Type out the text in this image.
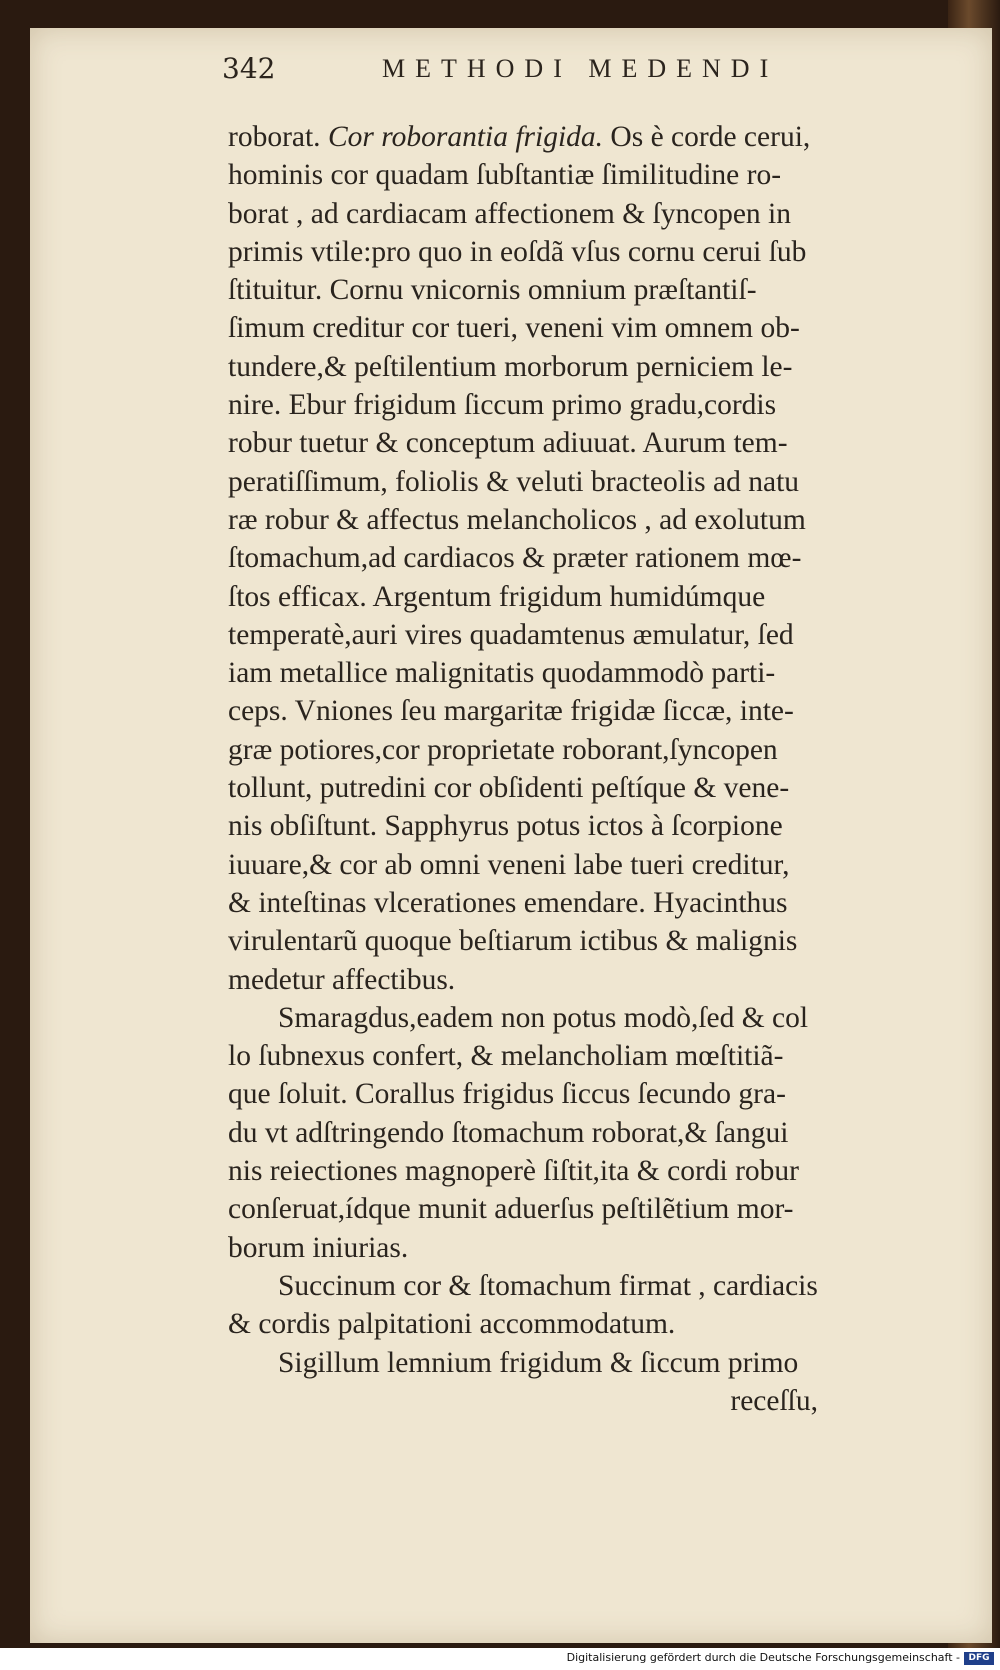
342	METHODI MEDENDI
roborat. Cor roborantia frigida. Os è corde cerui,
hominis cor quadam ſubſtantiæ ſimilitudine ro-
borat , ad cardiacam affectionem & ſyncopen in
primis vtile:pro quo in eoſdã vſus cornu cerui ſub
ſtituitur. Cornu vnicornis omnium præſtantiſ-
ſimum creditur cor tueri, veneni vim omnem ob-
tundere,& peſtilentium morborum perniciem le-
nire. Ebur frigidum ſiccum primo gradu,cordis
robur tuetur & conceptum adiuuat. Aurum tem-
peratiſſimum, foliolis & veluti bracteolis ad natu
ræ robur & affectus melancholicos , ad exolutum
ſtomachum,ad cardiacos & præter rationem mœ-
ſtos efficax. Argentum frigidum humidúmque
temperatè,auri vires quadamtenus æmulatur, ſed
iam metallice malignitatis quodammodò parti-
ceps. Vniones ſeu margaritæ frigidæ ſiccæ, inte-
græ potiores,cor proprietate roborant,ſyncopen
tollunt, putredini cor obſidenti peſtíque & vene-
nis obſiſtunt. Sapphyrus potus ictos à ſcorpione
iuuare,& cor ab omni veneni labe tueri creditur,
& inteſtinas vlcerationes emendare. Hyacinthus
virulentarũ quoque beſtiarum ictibus & malignis
medetur affectibus.
Smaragdus,eadem non potus modò,ſed & col
lo ſubnexus confert, & melancholiam mœſtitiã-
que ſoluit. Corallus frigidus ſiccus ſecundo gra-
du vt adſtringendo ſtomachum roborat,& ſangui
nis reiectiones magnoperè ſiſtit,ita & cordi robur
conſeruat,ídque munit aduerſus peſtilẽtium mor-
borum iniurias.
Succinum cor & ſtomachum firmat , cardiacis
& cordis palpitationi accommodatum.
Sigillum lemnium frigidum & ſiccum primo
receſſu,
Digitalisierung gefördert durch die Deutsche Forschungsgemeinschaft - DFG
